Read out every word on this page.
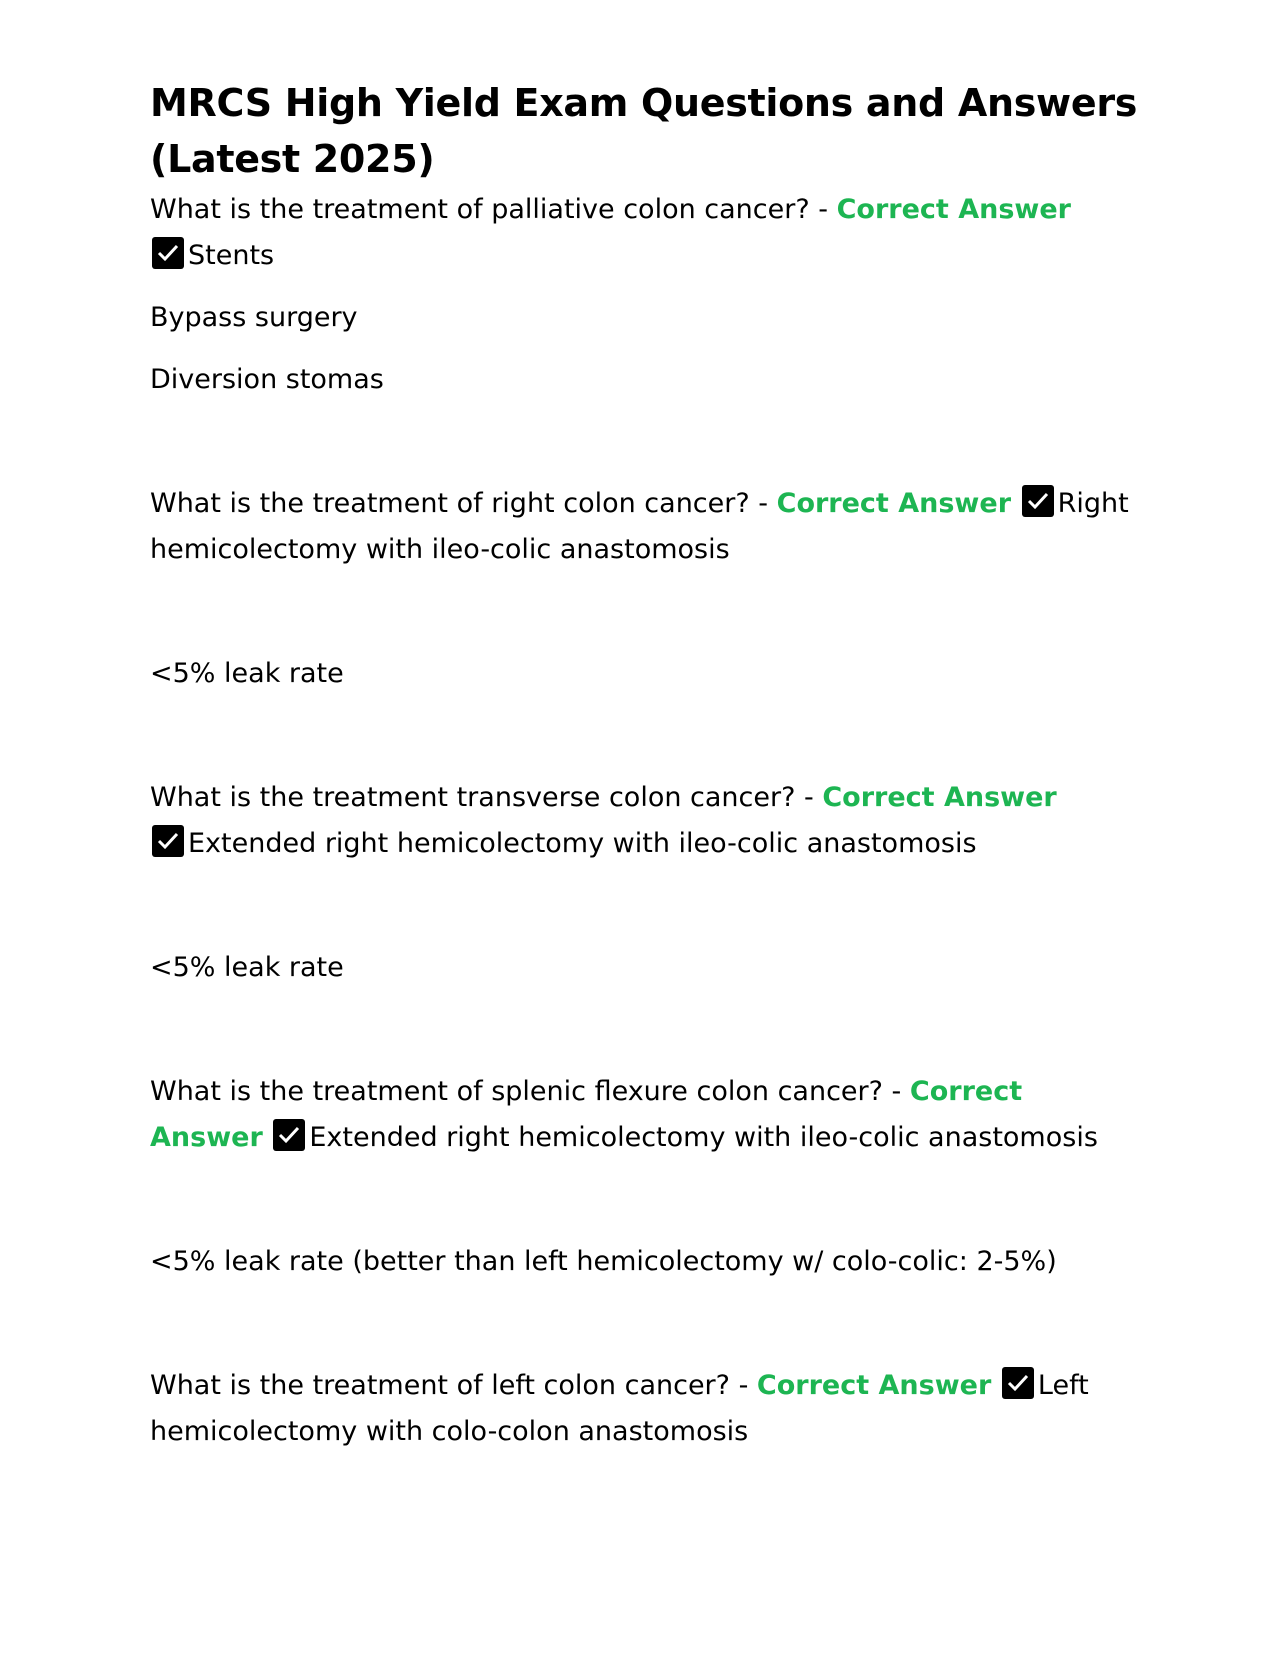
MRCS High Yield Exam Questions and Answers (Latest 2025)

What is the treatment of palliative colon cancer? - Correct Answer

Stents

Bypass surgery

Diversion stomas

What is the treatment of right colon cancer? - Correct Answer Right hemicolectomy with ileo-colic anastomosis

<5% leak rate

What is the treatment transverse colon cancer? - Correct Answer

Extended right hemicolectomy with ileo-colic anastomosis

<5% leak rate

What is the treatment of splenic flexure colon cancer? - Correct Answer Extended right hemicolectomy with ileo-colic anastomosis

<5% leak rate (better than left hemicolectomy w/ colo-colic: 2-5%)

What is the treatment of left colon cancer? - Correct Answer Left hemicolectomy with colo-colon anastomosis
